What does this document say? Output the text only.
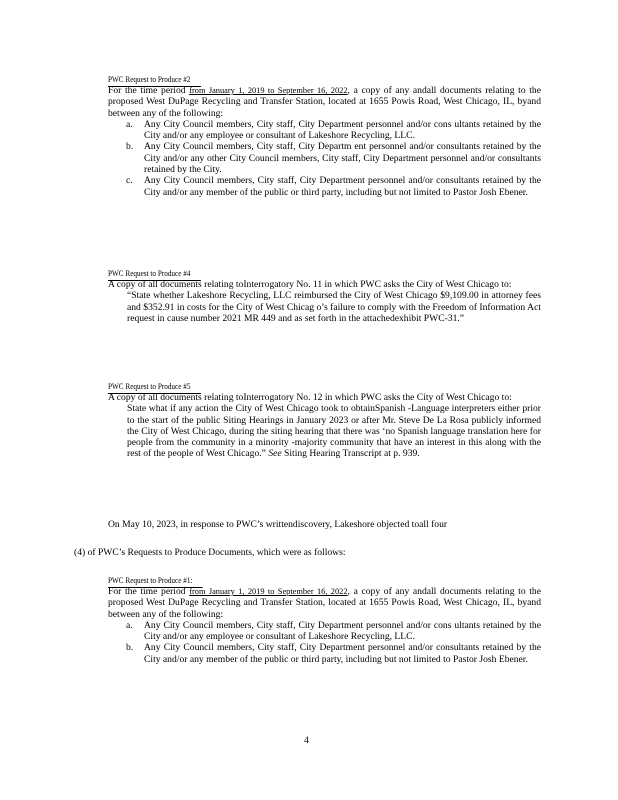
PWC Request to Produce #2

For the time period from January 1, 2019 to September 16, 2022, a copy of any andall documents relating to the proposed West DuPage Recycling and Transfer Station, located at 1655 Powis Road, West Chicago, IL, byand between any of the following:

a. Any City Council members, City staff, City Department personnel and/or cons ultants retained by the City and/or any employee or consultant of Lakeshore Recycling, LLC.
b. Any City Council members, City staff, City Departm ent personnel and/or consultants retained by the City and/or any other City Council members, City staff, City Department personnel and/or consultants retained by the City.
c. Any City Council members, City staff, City Department personnel and/or consultants retained by the City and/or any member of the public or third party, including but not limited to Pastor Josh Ebener.
PWC Request to Produce #4

A copy of all documents relating toInterrogatory No. 11 in which PWC asks the City of West Chicago to:

“State whether Lakeshore Recycling, LLC reimbursed the City of West Chicago $9,109.00 in attorney fees and $352.91 in costs for the City of West Chicag o’s failure to comply with the Freedom of Information Act request in cause number 2021 MR 449 and as set forth in the attachedexhibit PWC-31.”

PWC Request to Produce #5

A copy of all documents relating toInterrogatory No. 12 in which PWC asks the City of West Chicago to:

State what if any action the City of West Chicago took to obtainSpanish -Language interpreters either prior to the start of the public Siting Hearings in January 2023 or after Mr. Steve De La Rosa publicly informed the City of West Chicago, during the siting hearing that there was ‘no Spanish language translation here for people from the community in a minority -majority community that have an interest in this along with the rest of the people of West Chicago.” See Siting Hearing Transcript at p. 939.

On May 10, 2023, in response to PWC’s writtendiscovery, Lakeshore objected toall four
(4) of PWC’s Requests to Produce Documents, which were as follows:
PWC Request to Produce #1:

For the time period from January 1, 2019 to September 16, 2022, a copy of any andall documents relating to the proposed West DuPage Recycling and Transfer Station, located at 1655 Powis Road, West Chicago, IL, byand between any of the following:

a. Any City Council members, City staff, City Department personnel and/or cons ultants retained by the City and/or any employee or consultant of Lakeshore Recycling, LLC.
b. Any City Council members, City staff, City Department personnel and/or consultants retained by the City and/or any member of the public or third party, including but not limited to Pastor Josh Ebener.
4
